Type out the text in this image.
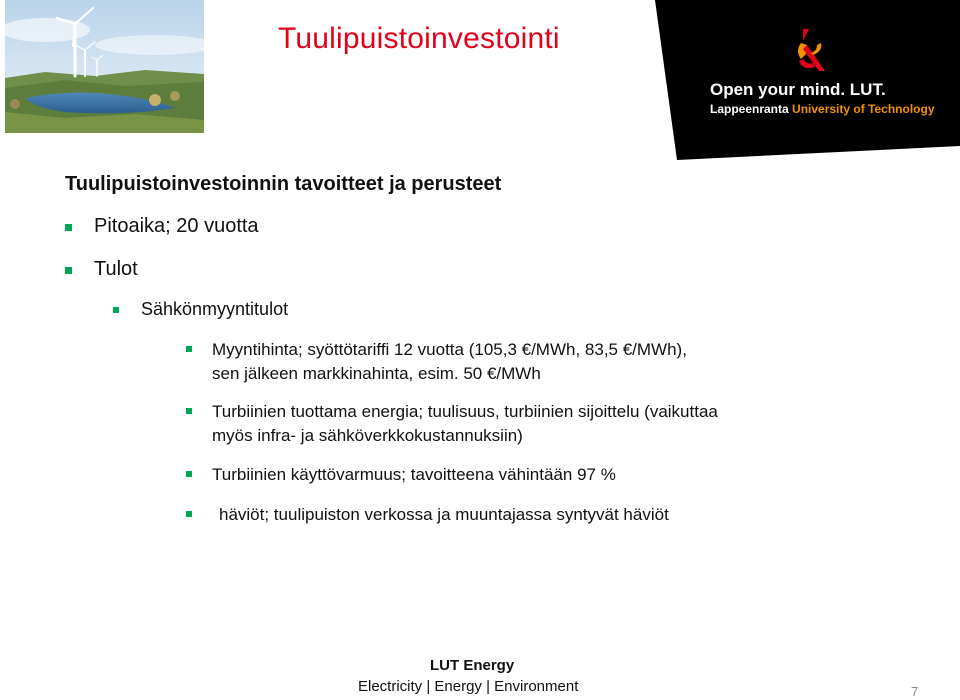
Tuulipuistoinvestointi
Open your mind. LUT.
Lappeenranta University of Technology
Tuulipuistoinvestoinnin tavoitteet ja perusteet
Pitoaika; 20 vuotta
Tulot
Sähkönmyyntitulot
Myyntihinta; syöttötariffi 12 vuotta (105,3 €/MWh, 83,5 €/MWh),
sen jälkeen markkinahinta, esim. 50 €/MWh
Turbiinien tuottama energia; tuulisuus, turbiinien sijoittelu (vaikuttaa
myös infra- ja sähköverkkokustannuksiin)
Turbiinien käyttövarmuus; tavoitteena vähintään 97 %
häviöt; tuulipuiston verkossa ja muuntajassa syntyvät häviöt
LUT Energy
Electricity | Energy | Environment	7
